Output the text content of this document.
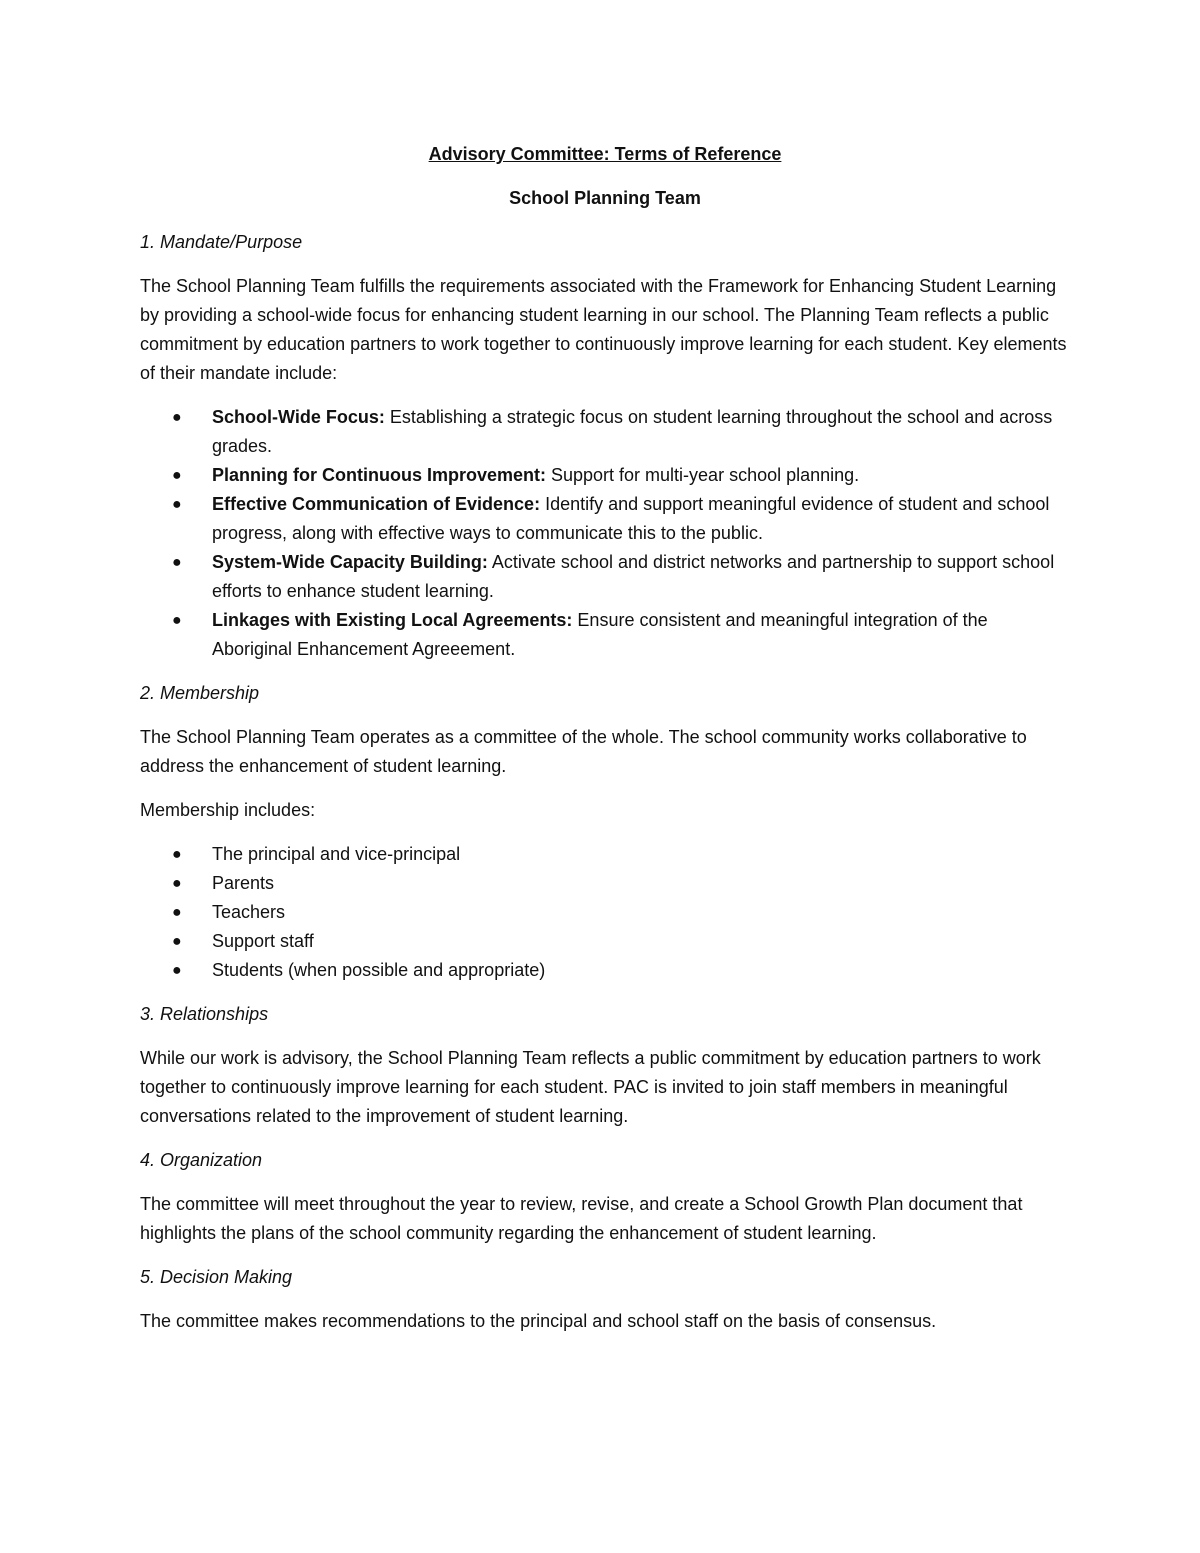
Advisory Committee: Terms of Reference
School Planning Team
1. Mandate/Purpose

The School Planning Team fulfills the requirements associated with the Framework for Enhancing Student Learning by providing a school-wide focus for enhancing student learning in our school. The Planning Team reflects a public commitment by education partners to work together to continuously improve learning for each student. Key elements of their mandate include:

● School-Wide Focus: Establishing a strategic focus on student learning throughout the school and across grades.
● Planning for Continuous Improvement: Support for multi-year school planning.
● Effective Communication of Evidence: Identify and support meaningful evidence of student and school progress, along with effective ways to communicate this to the public.
● System-Wide Capacity Building: Activate school and district networks and partnership to support school efforts to enhance student learning.
● Linkages with Existing Local Agreements: Ensure consistent and meaningful integration of the Aboriginal Enhancement Agreeement.
2. Membership

The School Planning Team operates as a committee of the whole. The school community works collaborative to address the enhancement of student learning.

Membership includes:

● The principal and vice-principal
● Parents
● Teachers
● Support staff
● Students (when possible and appropriate)
3. Relationships

While our work is advisory, the School Planning Team reflects a public commitment by education partners to work together to continuously improve learning for each student. PAC is invited to join staff members in meaningful conversations related to the improvement of student learning.

4. Organization

The committee will meet throughout the year to review, revise, and create a School Growth Plan document that highlights the plans of the school community regarding the enhancement of student learning.

5. Decision Making

The committee makes recommendations to the principal and school staff on the basis of consensus.
